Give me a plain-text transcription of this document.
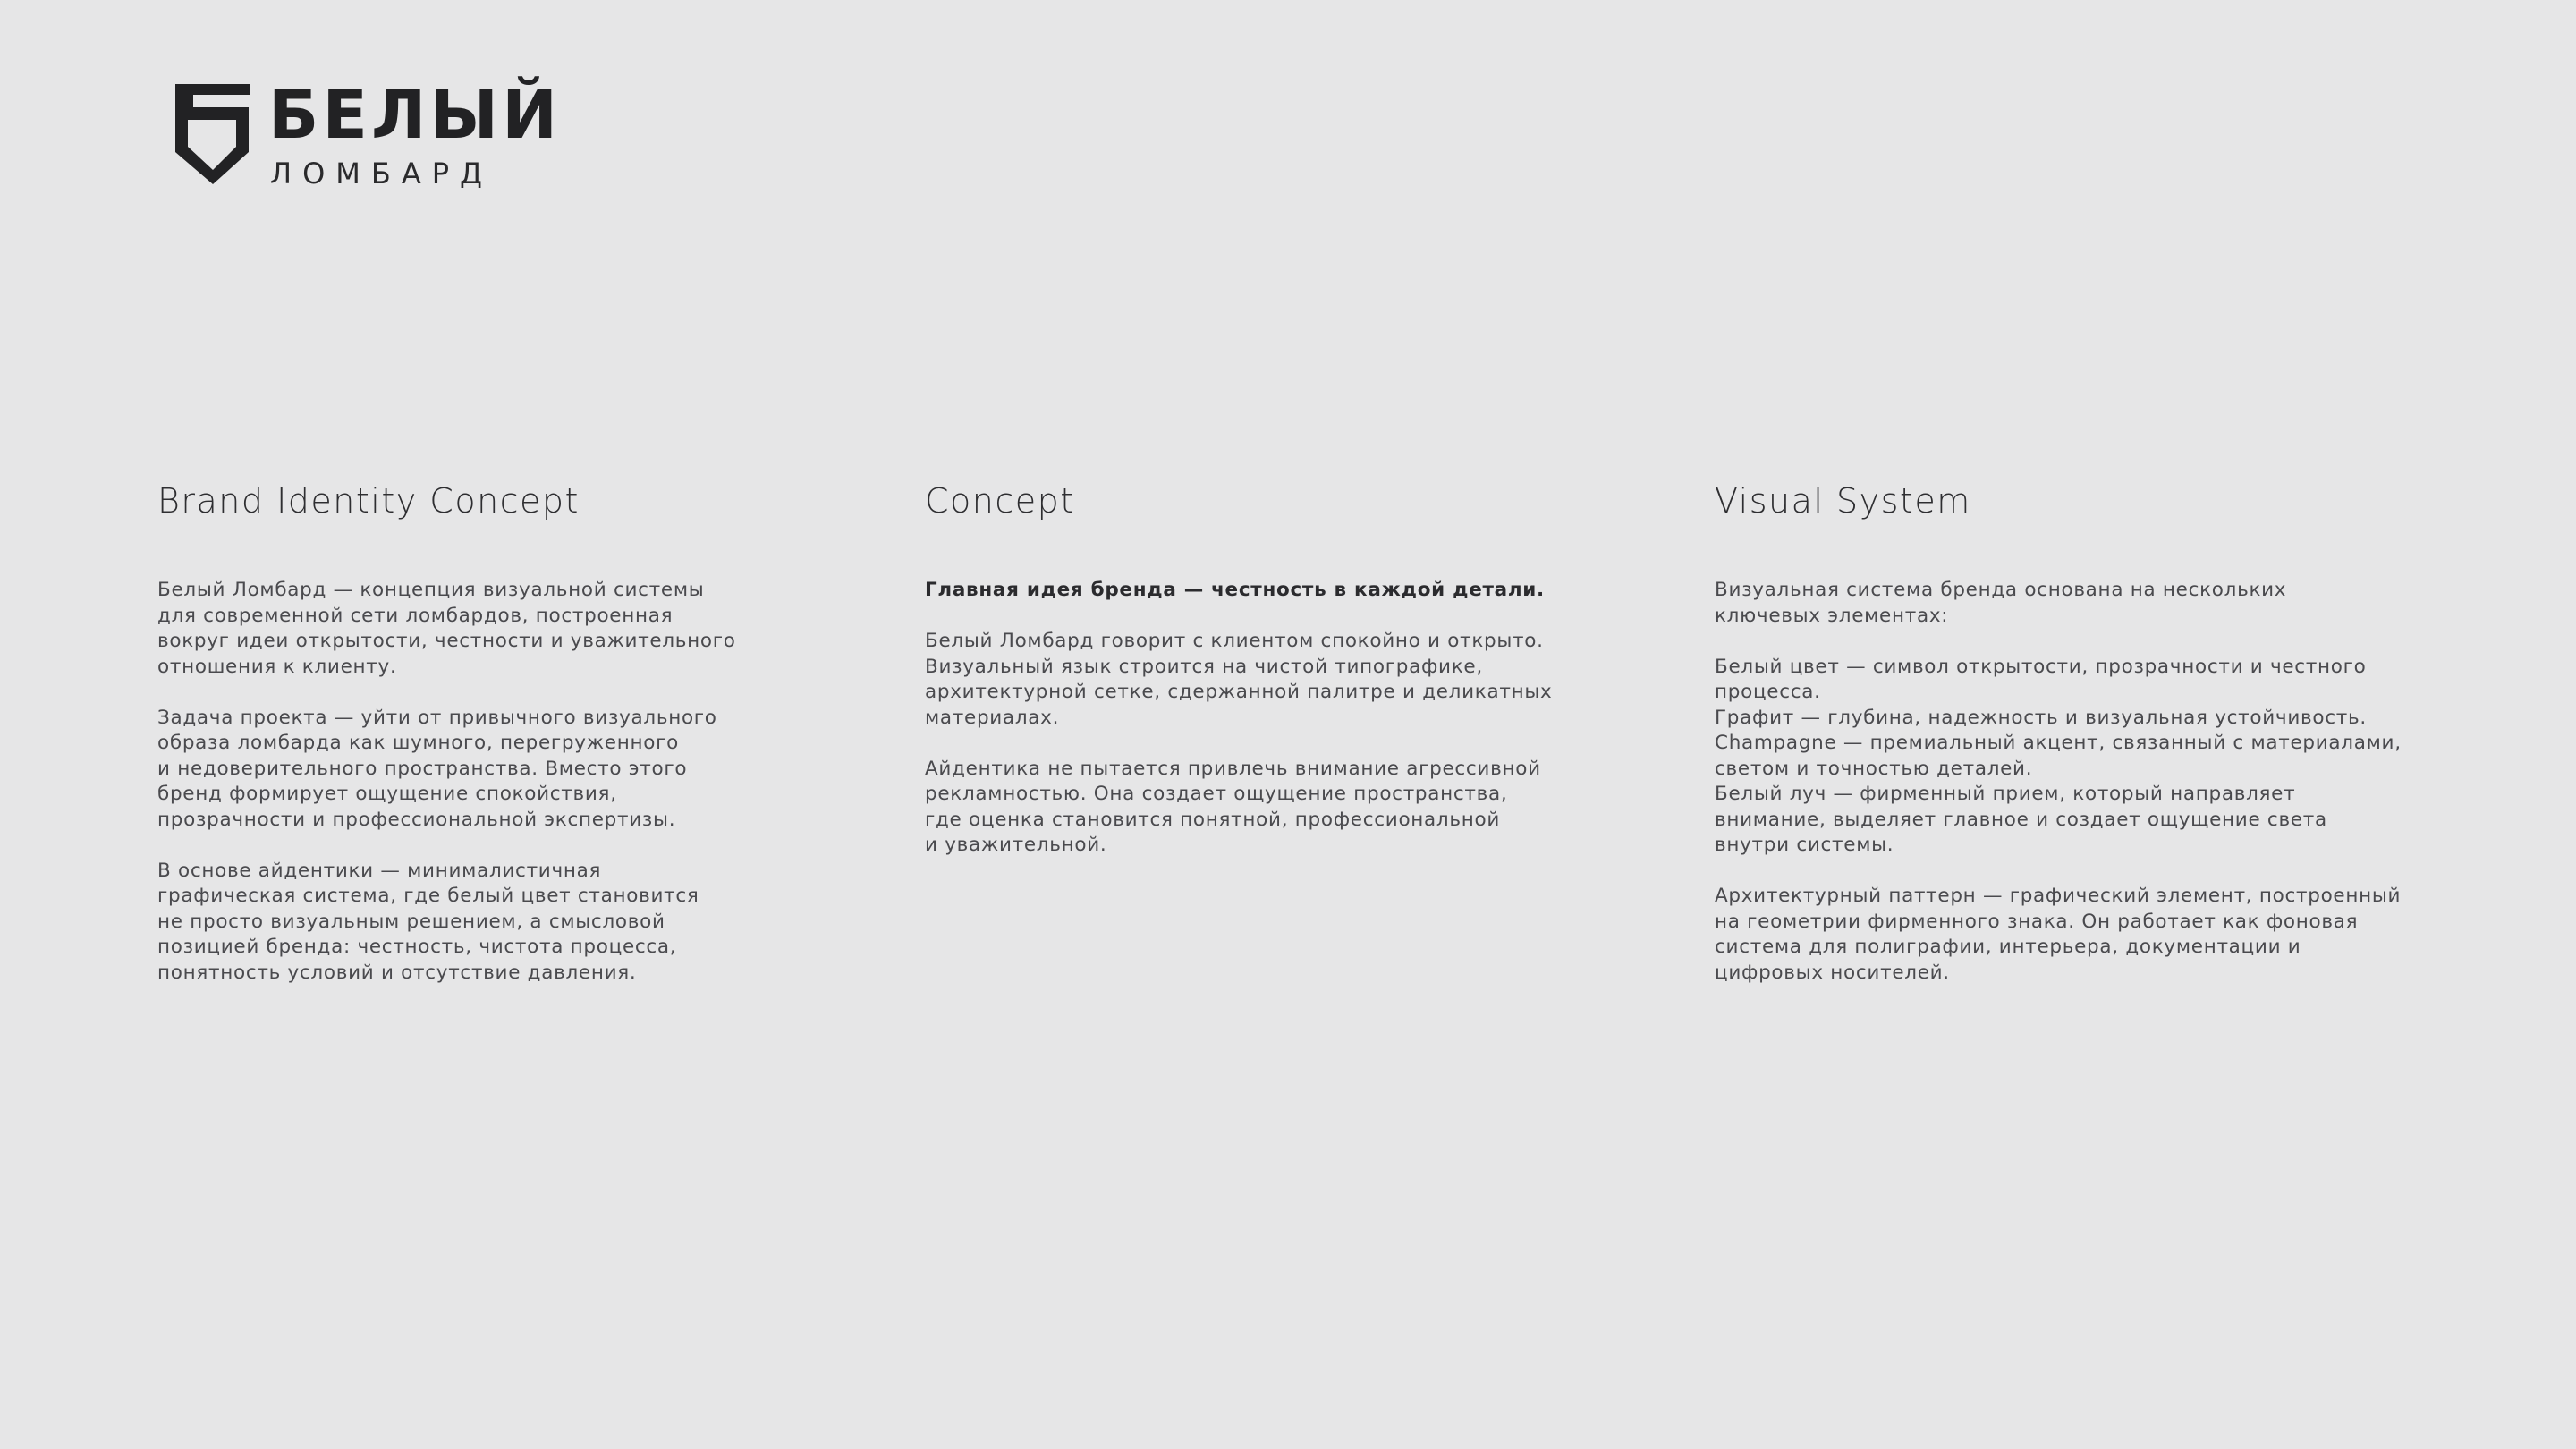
БЕЛЫЙ
ЛОМБАРД
Brand Identity Concept

Белый Ломбард — концепция визуальной системы
для современной сети ломбардов, построенная
вокруг идеи открытости, честности и уважительного
отношения к клиенту.

Задача проекта — уйти от привычного визуального
образа ломбарда как шумного, перегруженного
и недоверительного пространства. Вместо этого
бренд формирует ощущение спокойствия,
прозрачности и профессиональной экспертизы.

В основе айдентики — минималистичная
графическая система, где белый цвет становится
не просто визуальным решением, а смысловой
позицией бренда: честность, чистота процесса,
понятность условий и отсутствие давления.

Concept

Главная идея бренда — честность в каждой детали.

Белый Ломбард говорит с клиентом спокойно и открыто.
Визуальный язык строится на чистой типографике,
архитектурной сетке, сдержанной палитре и деликатных
материалах.

Айдентика не пытается привлечь внимание агрессивной
рекламностью. Она создает ощущение пространства,
где оценка становится понятной, профессиональной
и уважительной.

Visual System

Визуальная система бренда основана на нескольких
ключевых элементах:

Белый цвет — символ открытости, прозрачности и честного
процесса.
Графит — глубина, надежность и визуальная устойчивость.
Champagne — премиальный акцент, связанный с материалами,
светом и точностью деталей.
Белый луч — фирменный прием, который направляет
внимание, выделяет главное и создает ощущение света
внутри системы.

Архитектурный паттерн — графический элемент, построенный
на геометрии фирменного знака. Он работает как фоновая
система для полиграфии, интерьера, документации и
цифровых носителей.
